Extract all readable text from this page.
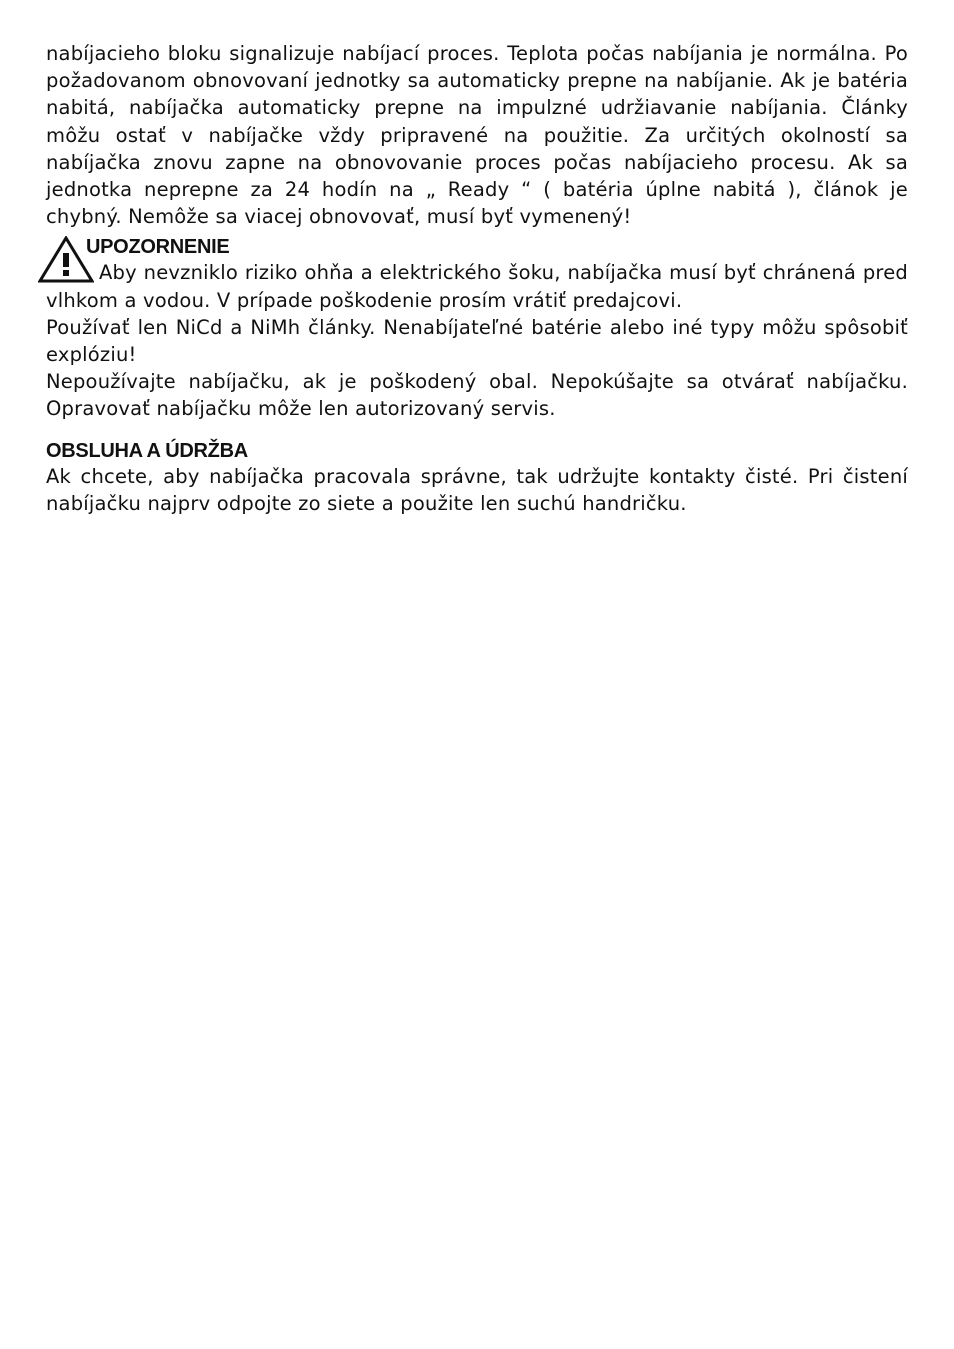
nabíjacieho bloku signalizuje nabíjací proces. Teplota počas nabíjania je normálna. Po požadovanom obnovovaní jednotky sa automaticky prepne na nabíjanie. Ak je batéria nabitá, nabíjačka automaticky prepne na impulzné udržiavanie nabíjania. Články môžu ostať v nabíjačke vždy pripravené na použitie. Za určitých okolností sa nabíjačka znovu zapne na obnovovanie proces počas nabíjacieho procesu. Ak sa jednotka neprepne za 24 hodín na „ Ready “ ( batéria úplne nabitá ), článok je chybný. Nemôže sa viacej obnovovať, musí byť vymenený!

UPOZORNENIE

Aby nevzniklo riziko ohňa a elektrického šoku, nabíjačka musí byť chránená pred vlhkom a vodou. V prípade poškodenie prosím vrátiť predajcovi.

Používať len NiCd a NiMh články. Nenabíjateľné batérie alebo iné typy môžu spôsobiť explóziu!

Nepoužívajte nabíjačku, ak je poškodený obal. Nepokúšajte sa otvárať nabíjačku. Opravovať nabíjačku môže len autorizovaný servis.

OBSLUHA A ÚDRŽBA

Ak chcete, aby nabíjačka pracovala správne, tak udržujte kontakty čisté. Pri čistení nabíjačku najprv odpojte zo siete a použite len suchú handričku.
